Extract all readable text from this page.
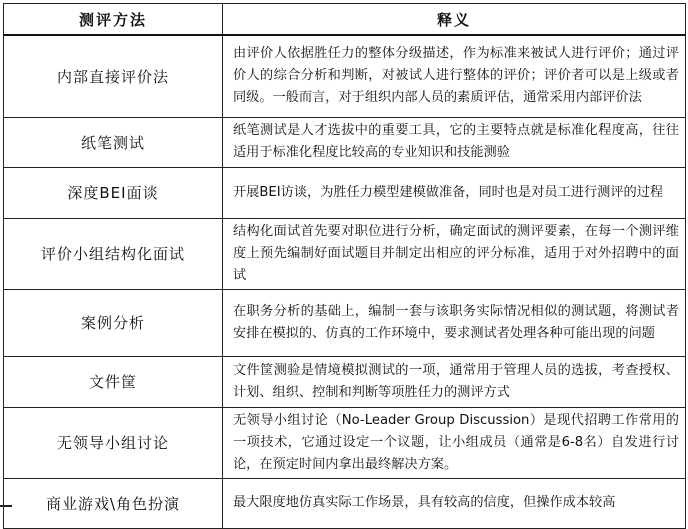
测评方法	释义
内部直接评价法	由评价人依据胜任力的整体分级描述，作为标准来被试人进行评价；通过评价人的综合分析和判断，对被试人进行整体的评价；评价者可以是上级或者同级。一般而言，对于组织内部人员的素质评估，通常采用内部评价法
纸笔测试	纸笔测试是人才选拔中的重要工具，它的主要特点就是标准化程度高，往往适用于标准化程度比较高的专业知识和技能测验
深度BEI面谈	开展BEI访谈，为胜任力模型建模做准备，同时也是对员工进行测评的过程
评价小组结构化面试	结构化面试首先要对职位进行分析，确定面试的测评要素，在每一个测评维度上预先编制好面试题目并制定出相应的评分标准，适用于对外招聘中的面试
案例分析	在职务分析的基础上，编制一套与该职务实际情况相似的测试题，将测试者安排在模拟的、仿真的工作环境中，要求测试者处理各种可能出现的问题
文件筐	文件筐测验是情境模拟测试的一项，通常用于管理人员的选拔，考查授权、计划、组织、控制和判断等项胜任力的测评方式
无领导小组讨论	无领导小组讨论（No-Leader Group Discussion）是现代招聘工作常用的一项技术，它通过设定一个议题，让小组成员（通常是6-8名）自发进行讨论，在预定时间内拿出最终解决方案。
商业游戏\角色扮演	最大限度地仿真实际工作场景，具有较高的信度，但操作成本较高
